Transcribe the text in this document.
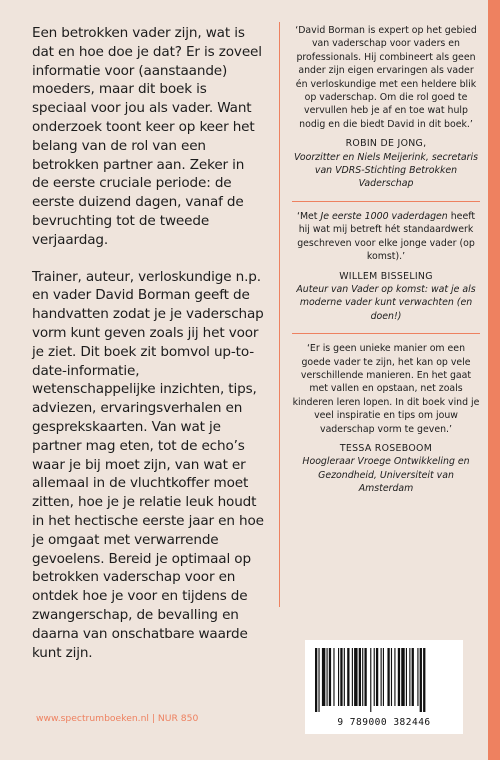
Een betrokken vader zijn, wat is dat en hoe doe je dat? Er is zoveel informatie voor (aanstaande) moeders, maar dit boek is speciaal voor jou als vader. Want onderzoek toont keer op keer het belang van de rol van een betrokken partner aan. Zeker in de eerste cruciale periode: de eerste duizend dagen, vanaf de bevruchting tot de tweede verjaardag.

Trainer, auteur, verloskundige n.p. en vader David Borman geeft de handvatten zodat je je vaderschap vorm kunt geven zoals jij het voor je ziet. Dit boek zit bomvol up-to-date-informatie, wetenschappelijke inzichten, tips, adviezen, ervaringsverhalen en gesprekskaarten. Van wat je partner mag eten, tot de echo’s waar je bij moet zijn, van wat er allemaal in de vluchtkoffer moet zitten, hoe je je relatie leuk houdt in het hectische eerste jaar en hoe je omgaat met verwarrende gevoelens. Bereid je optimaal op betrokken vaderschap voor en ontdek hoe je voor en tijdens de zwangerschap, de bevalling en daarna van onschatbare waarde kunt zijn.

‘David Borman is expert op het gebied van vaderschap voor vaders en professionals. Hij combineert als geen ander zijn eigen ervaringen als vader én verloskundige met een heldere blik op vaderschap. Om die rol goed te vervullen heb je af en toe wat hulp nodig en die biedt David in dit boek.’

ROBIN DE JONG,

Voorzitter en Niels Meijerink, secretaris van VDRS-Stichting Betrokken Vaderschap

‘Met Je eerste 1000 vaderdagen heeft hij wat mij betreft hét standaardwerk geschreven voor elke jonge vader (op komst).’

WILLEM BISSELING

Auteur van Vader op komst: wat je als moderne vader kunt verwachten (en doen!)

‘Er is geen unieke manier om een goede vader te zijn, het kan op vele verschillende manieren. En het gaat met vallen en opstaan, net zoals kinderen leren lopen. In dit boek vind je veel inspiratie en tips om jouw vaderschap vorm te geven.’

TESSA ROSEBOOM

Hoogleraar Vroege Ontwikkeling en Gezondheid, Universiteit van Amsterdam

9 789000 382446
www.spectrumboeken.nl | NUR 850
